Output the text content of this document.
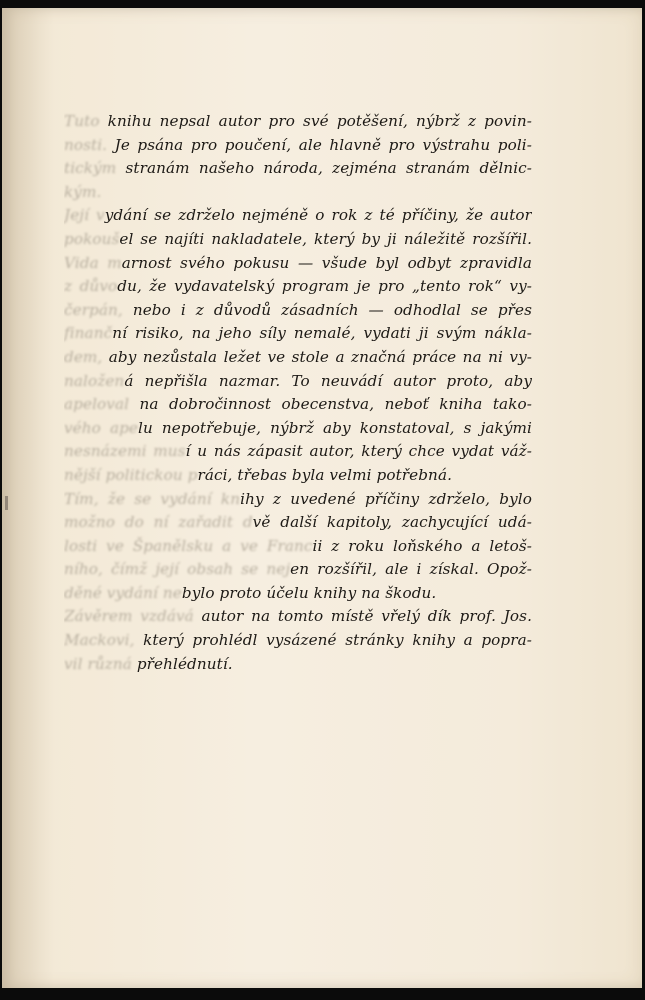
Tuto knihu nepsal autor pro své potěšení, nýbrž z povin-
nosti. Je psána pro poučení, ale hlavně pro výstrahu poli-
tickým stranám našeho národa, zejména stranám dělnic-
kým.
Její vydání se zdrželo nejméně o rok z té příčiny, že autor
pokoušel se najíti nakladatele, který by ji náležitě rozšířil.
Vida marnost svého pokusu — všude byl odbyt zpravidla
z důvodu, že vydavatelský program je pro „tento rok“ vy-
čerpán, nebo i z důvodů zásadních — odhodlal se přes
finanční risiko, na jeho síly nemalé, vydati ji svým nákla-
dem, aby nezůstala ležet ve stole a značná práce na ni vy-
naložená nepřišla nazmar. To neuvádí autor proto, aby
apeloval na dobročinnost obecenstva, neboť kniha tako-
vého apelu nepotřebuje, nýbrž aby konstatoval, s jakými
nesnázemi musí u nás zápasit autor, který chce vydat váž-
nější politickou práci, třebas byla velmi potřebná.
Tím, že se vydání knihy z uvedené příčiny zdrželo, bylo
možno do ní zařadit dvě další kapitoly, zachycující udá-
losti ve Španělsku a ve Francii z roku loňského a letoš-
ního, čímž její obsah se nejen rozšířil, ale i získal. Opož-
děné vydání nebylo proto účelu knihy na škodu.
Závěrem vzdává autor na tomto místě vřelý dík prof. Jos.
Mackovi, který prohlédl vysázené stránky knihy a popra-
vil různá přehlédnutí.
